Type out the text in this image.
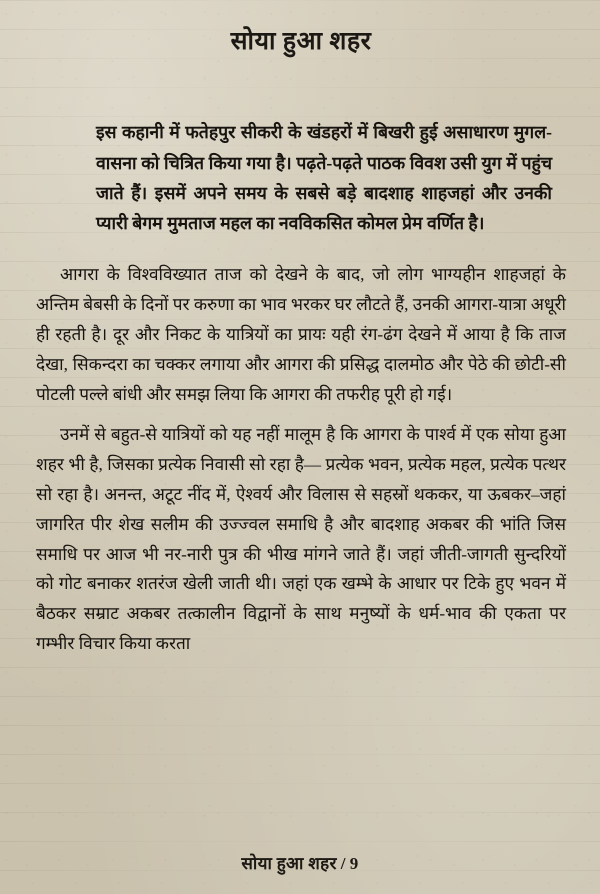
सोया हुआ शहर

इस कहानी में फतेहपुर सीकरी के खंडहरों में बिखरी हुई असाधारण मुगल-वासना को चित्रित किया गया है। पढ़ते-पढ़ते पाठक विवश उसी युग में पहुंच जाते हैं। इसमें अपने समय के सबसे बड़े बादशाह शाहजहां और उनकी प्यारी बेगम मुमताज महल का नवविकसित कोमल प्रेम वर्णित है।

आगरा के विश्वविख्यात ताज को देखने के बाद, जो लोग भाग्यहीन शाहजहां के अन्तिम बेबसी के दिनों पर करुणा का भाव भरकर घर लौटते हैं, उनकी आगरा-यात्रा अधूरी ही रहती है। दूर और निकट के यात्रियों का प्रायः यही रंग-ढंग देखने में आया है कि ताज देखा, सिकन्दरा का चक्कर लगाया और आगरा की प्रसिद्ध दालमोठ और पेठे की छोटी-सी पोटली पल्ले बांधी और समझ लिया कि आगरा की तफरीह पूरी हो गई।

उनमें से बहुत-से यात्रियों को यह नहीं मालूम है कि आगरा के पार्श्व में एक सोया हुआ शहर भी है, जिसका प्रत्येक निवासी सो रहा है— प्रत्येक भवन, प्रत्येक महल, प्रत्येक पत्थर सो रहा है। अनन्त, अटूट नींद में, ऐश्वर्य और विलास से सहस्रों थककर, या ऊबकर–जहां जागरित पीर शेख सलीम की उज्ज्वल समाधि है और बादशाह अकबर की भांति जिस समाधि पर आज भी नर-नारी पुत्र की भीख मांगने जाते हैं। जहां जीती-जागती सुन्दरियों को गोट बनाकर शतरंज खेली जाती थी। जहां एक खम्भे के आधार पर टिके हुए भवन में बैठकर सम्राट अकबर तत्कालीन विद्वानों के साथ मनुष्यों के धर्म-भाव की एकता पर गम्भीर विचार किया करता

सोया हुआ शहर / 9
